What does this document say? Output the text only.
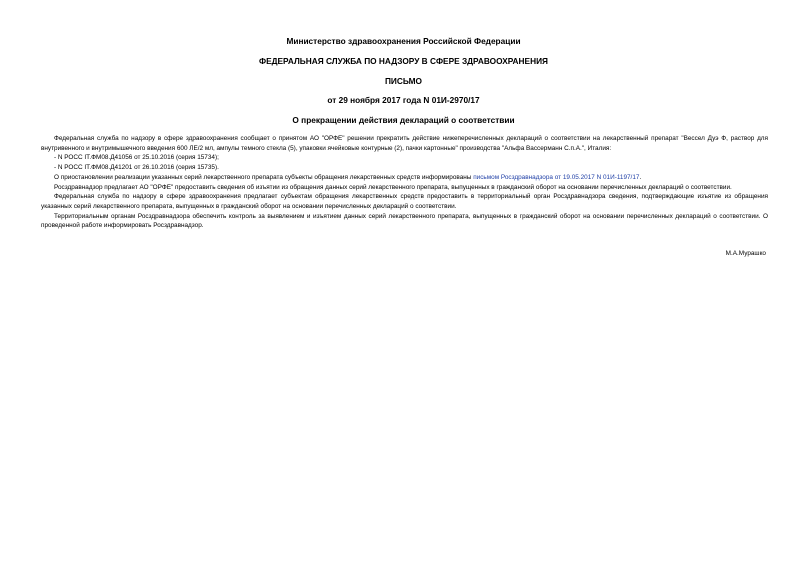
Министерство здравоохранения Российской Федерации
ФЕДЕРАЛЬНАЯ СЛУЖБА ПО НАДЗОРУ В СФЕРЕ ЗДРАВООХРАНЕНИЯ
ПИСЬМО
от 29 ноября 2017 года N 01И-2970/17
О прекращении действия деклараций о соответствии

Федеральная служба по надзору в сфере здравоохранения сообщает о принятом АО "ОРФЕ" решении прекратить действие нижеперечисленных деклараций о соответствии на лекарственный препарат "Вессел Дуэ Ф, раствор для внутривенного и внутримышечного введения 600 ЛЕ/2 мл, ампулы темного стекла (5), упаковки ячейковые контурные (2), пачки картонные" производства "Альфа Вассерманн С.п.А.", Италия:

- N РОСС IT.ФМ08.Д41056 от 25.10.2016 (серия 15734);

- N РОСС IT.ФМ08.Д41201 от 26.10.2016 (серия 15735).

О приостановлении реализации указанных серий лекарственного препарата субъекты обращения лекарственных средств информированы письмом Росздравнадзора от 19.05.2017 N 01И-1197/17.

Росздравнадзор предлагает АО "ОРФЕ" предоставить сведения об изъятии из обращения данных серий лекарственного препарата, выпущенных в гражданский оборот на основании перечисленных деклараций о соответствии.

Федеральная служба по надзору в сфере здравоохранения предлагает субъектам обращения лекарственных средств предоставить в территориальный орган Росздравнадзора сведения, подтверждающие изъятие из обращения указанных серий лекарственного препарата, выпущенных в гражданский оборот на основании перечисленных деклараций о соответствии.

Территориальным органам Росздравнадзора обеспечить контроль за выявлением и изъятием данных серий лекарственного препарата, выпущенных в гражданский оборот на основании перечисленных деклараций о соответствии. О проведенной работе информировать Росздравнадзор.

М.А.Мурашко
